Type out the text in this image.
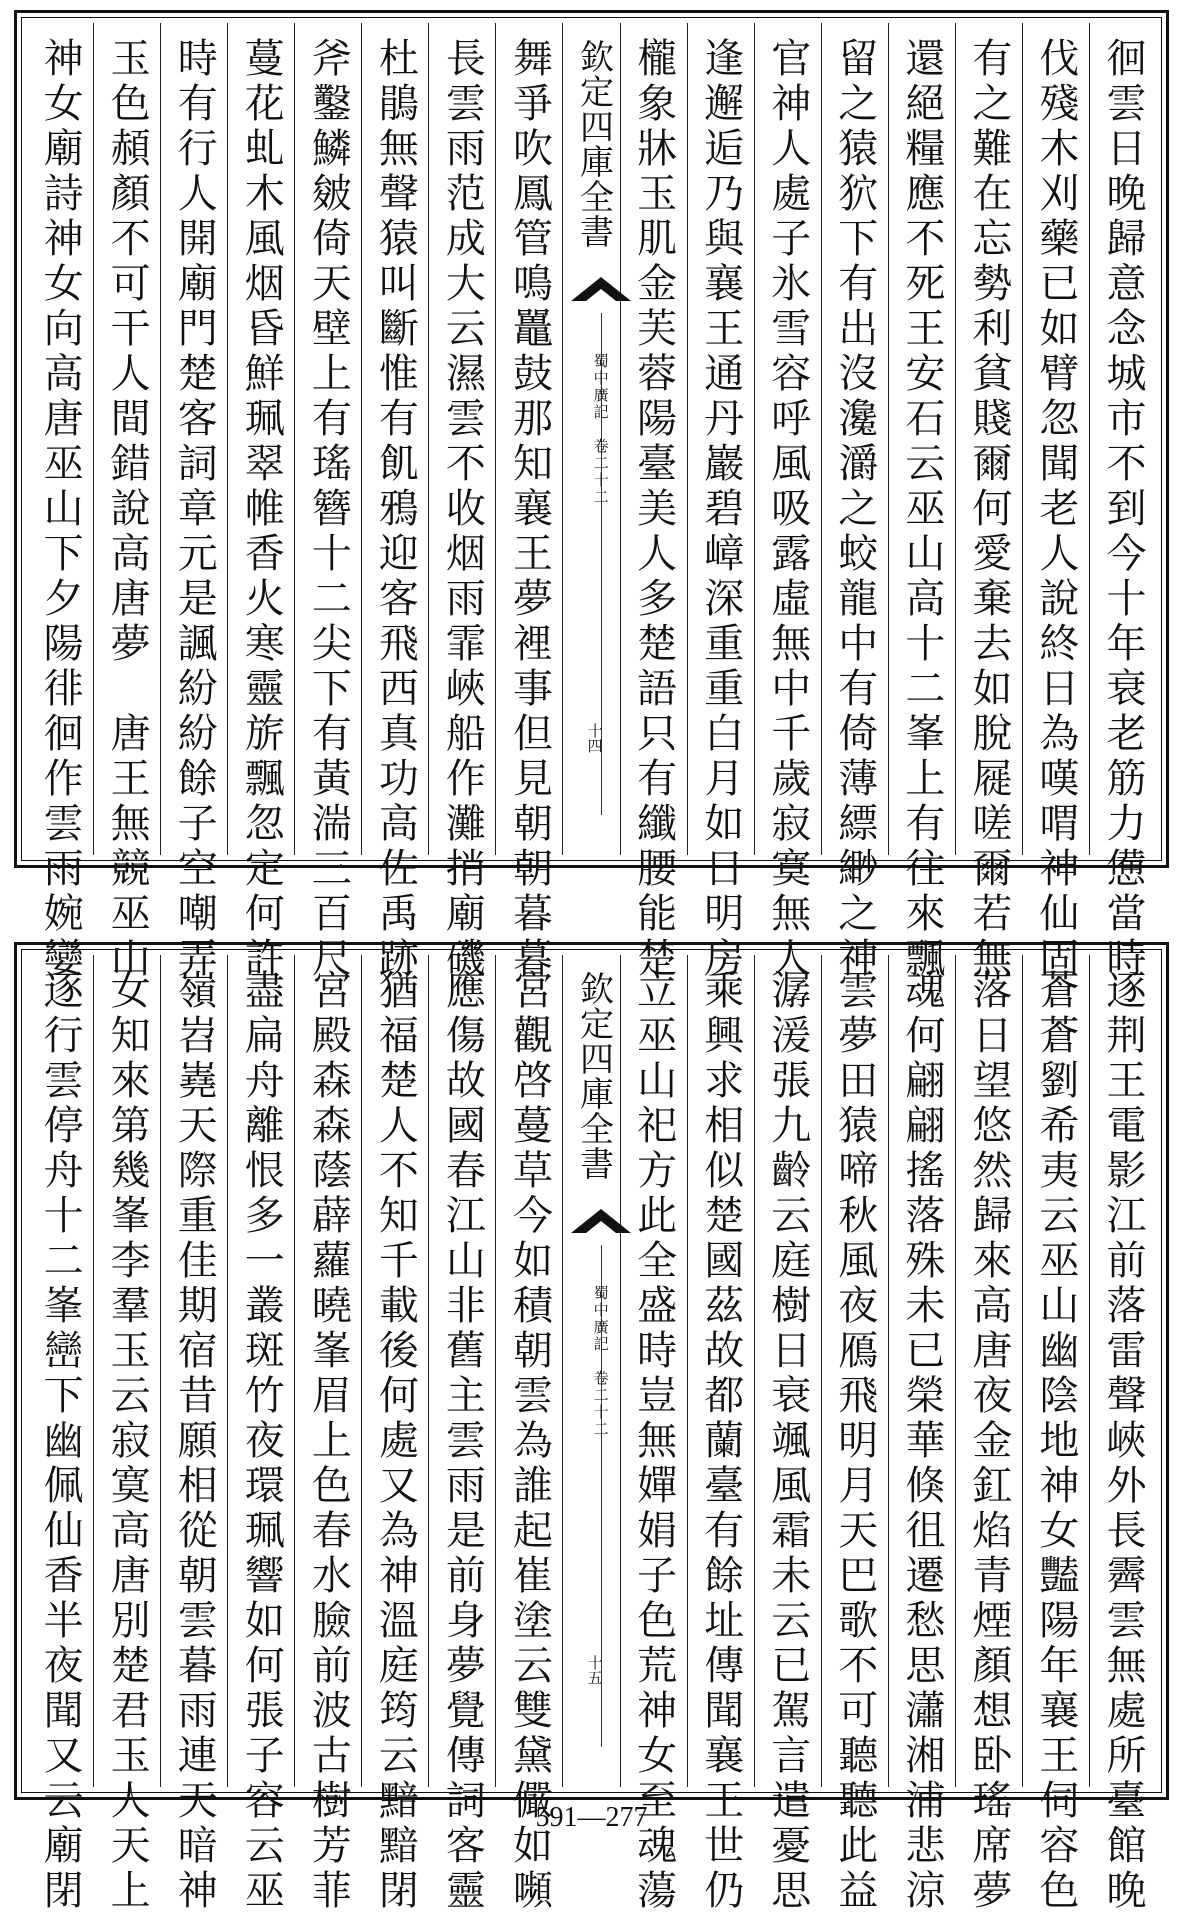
徊雲日晚歸意念城市不到今十年衰老筋力憊當時
伐殘木刈藥已如臂忽聞老人說終日為嘆喟神仙固
有之難在忘勢利貧賤爾何愛棄去如脫屣嗟爾若無
還絕糧應不死王安石云巫山高十二峯上有往來飄
留之猿狖下有出沒瀺灂之蛟龍中有倚薄縹緲之神
官神人處子氷雪容呼風吸露虛無中千歲寂寞無人
逢邂逅乃與襄王通丹巖碧嶂深重重白月如日明房
櫳象牀玉肌金芙蓉陽臺美人多楚語只有纖腰能楚
欽定四庫全書
蜀中廣記　卷二十二
十四
舞爭吹鳳管鳴鼉鼓那知襄王夢裡事但見朝朝暮暮
長雲雨范成大云濕雲不收烟雨霏峽船作灘捎廟磯
杜鵑無聲猿叫斷惟有飢鴉迎客飛西真功高佐禹跡
斧鑿鱗皴倚天壁上有瑤簪十二尖下有黃湍三百尺
蔓花虬木風烟昏鮮珮翠帷香火寒靈旂飄忽定何許
時有行人開廟門楚客詞章元是諷紛紛餘子空嘲弄
玉色頳顏不可干人間錯說高唐夢　唐王無競巫山
神女廟詩神女向高唐巫山下夕陽徘徊作雲雨婉孌
逐荆王電影江前落雷聲峽外長霽雲無處所臺館晚
蒼蒼劉希夷云巫山幽陰地神女豔陽年襄王伺容色
落日望悠然歸來高唐夜金釭焰青煙顏想卧瑤席夢
魂何翩翩搖落殊未已榮華倏徂遷愁思瀟湘浦悲涼
雲夢田猿啼秋風夜鴈飛明月天巴歌不可聽聽此益
潺湲張九齡云庭樹日衰颯風霜未云已駕言遣憂思
乘興求相似楚國茲故都蘭臺有餘址傳聞襄王世仍
立巫山祀方此全盛時豈無嬋娟子色荒神女至魂蕩
欽定四庫全書
蜀中廣記　卷二十二
十五
宮觀啓蔓草今如積朝雲為誰起崔塗云雙黛儼如嚬
應傷故國春江山非舊主雲雨是前身夢覺傳詞客靈
猶福楚人不知千載後何處又為神溫庭筠云黯黯閉
宮殿森森蔭薜蘿曉峯眉上色春水臉前波古樹芳菲
盡扁舟離恨多一叢斑竹夜環珮響如何張子容云巫
嶺岧嶤天際重佳期宿昔願相從朝雲暮雨連天暗神
女知來第幾峯李羣玉云寂寞高唐別楚君玉人天上
逐行雲停舟十二峯巒下幽佩仙香半夜聞又云廟閉	591—277
